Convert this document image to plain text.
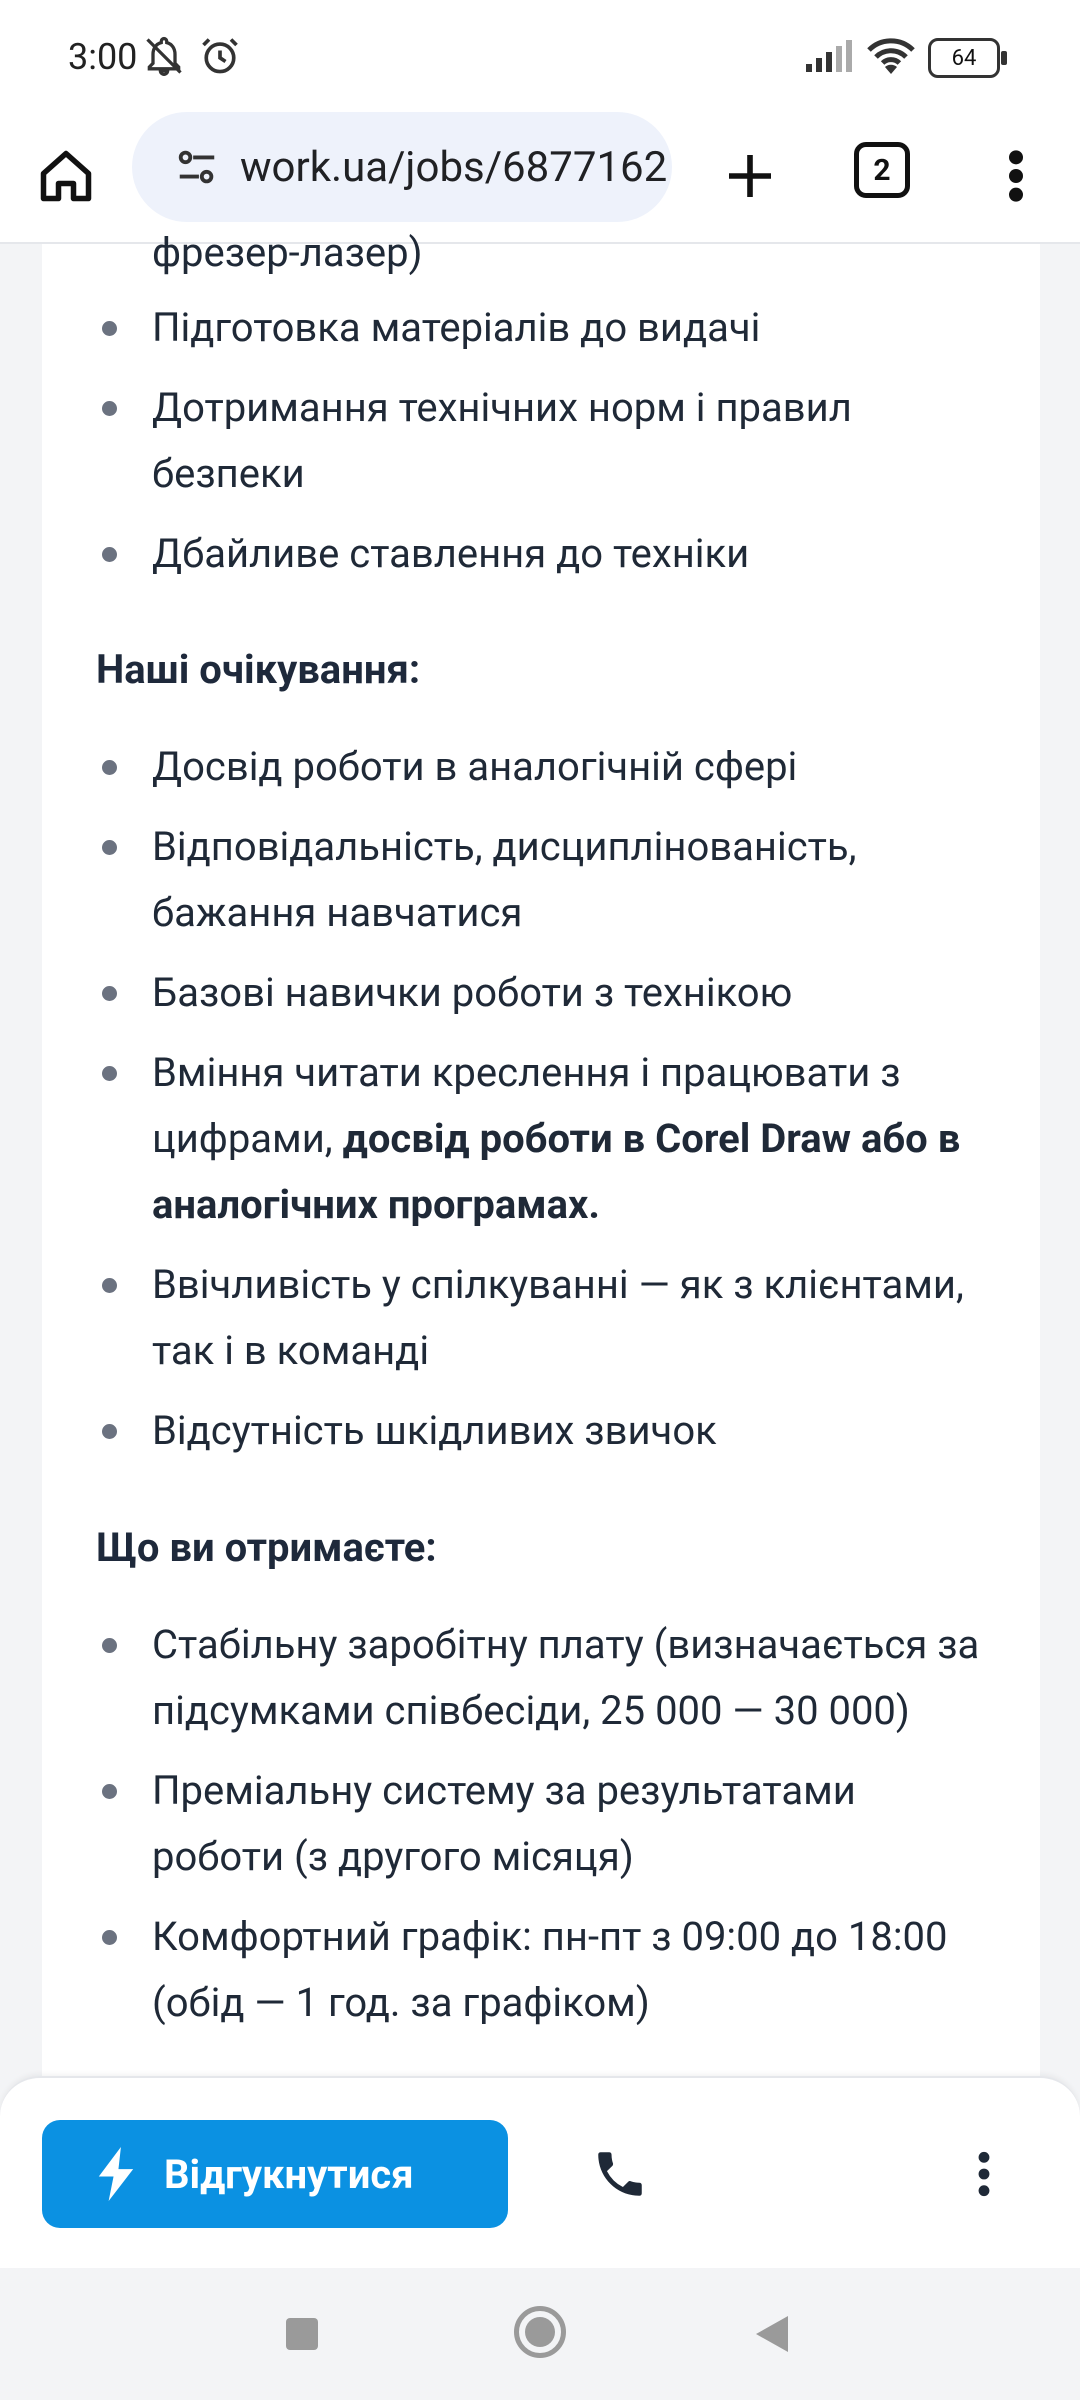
3:00	64
work.ua/jobs/6877162	2
фрезер-лазер)
Підготовка матеріалів до видачі
Дотримання технічних норм і правил безпеки
Дбайливе ставлення до техніки

Наші очікування:

Досвід роботи в аналогічній сфері
Відповідальність, дисциплінованість, бажання навчатися
Базові навички роботи з технікою
Вміння читати креслення і працювати з цифрами, досвід роботи в Corel Draw або в аналогічних програмах.
Ввічливість у спілкуванні — як з клієнтами, так і в команді
Відсутність шкідливих звичок

Що ви отримаєте:

Стабільну заробітну плату (визначається за підсумками співбесіди, 25 000 — 30 000)
Преміальну систему за результатами роботи (з другого місяця)
Комфортний графік: пн-пт з 09:00 до 18:00 (обід — 1 год. за графіком)
Відгукнутися
